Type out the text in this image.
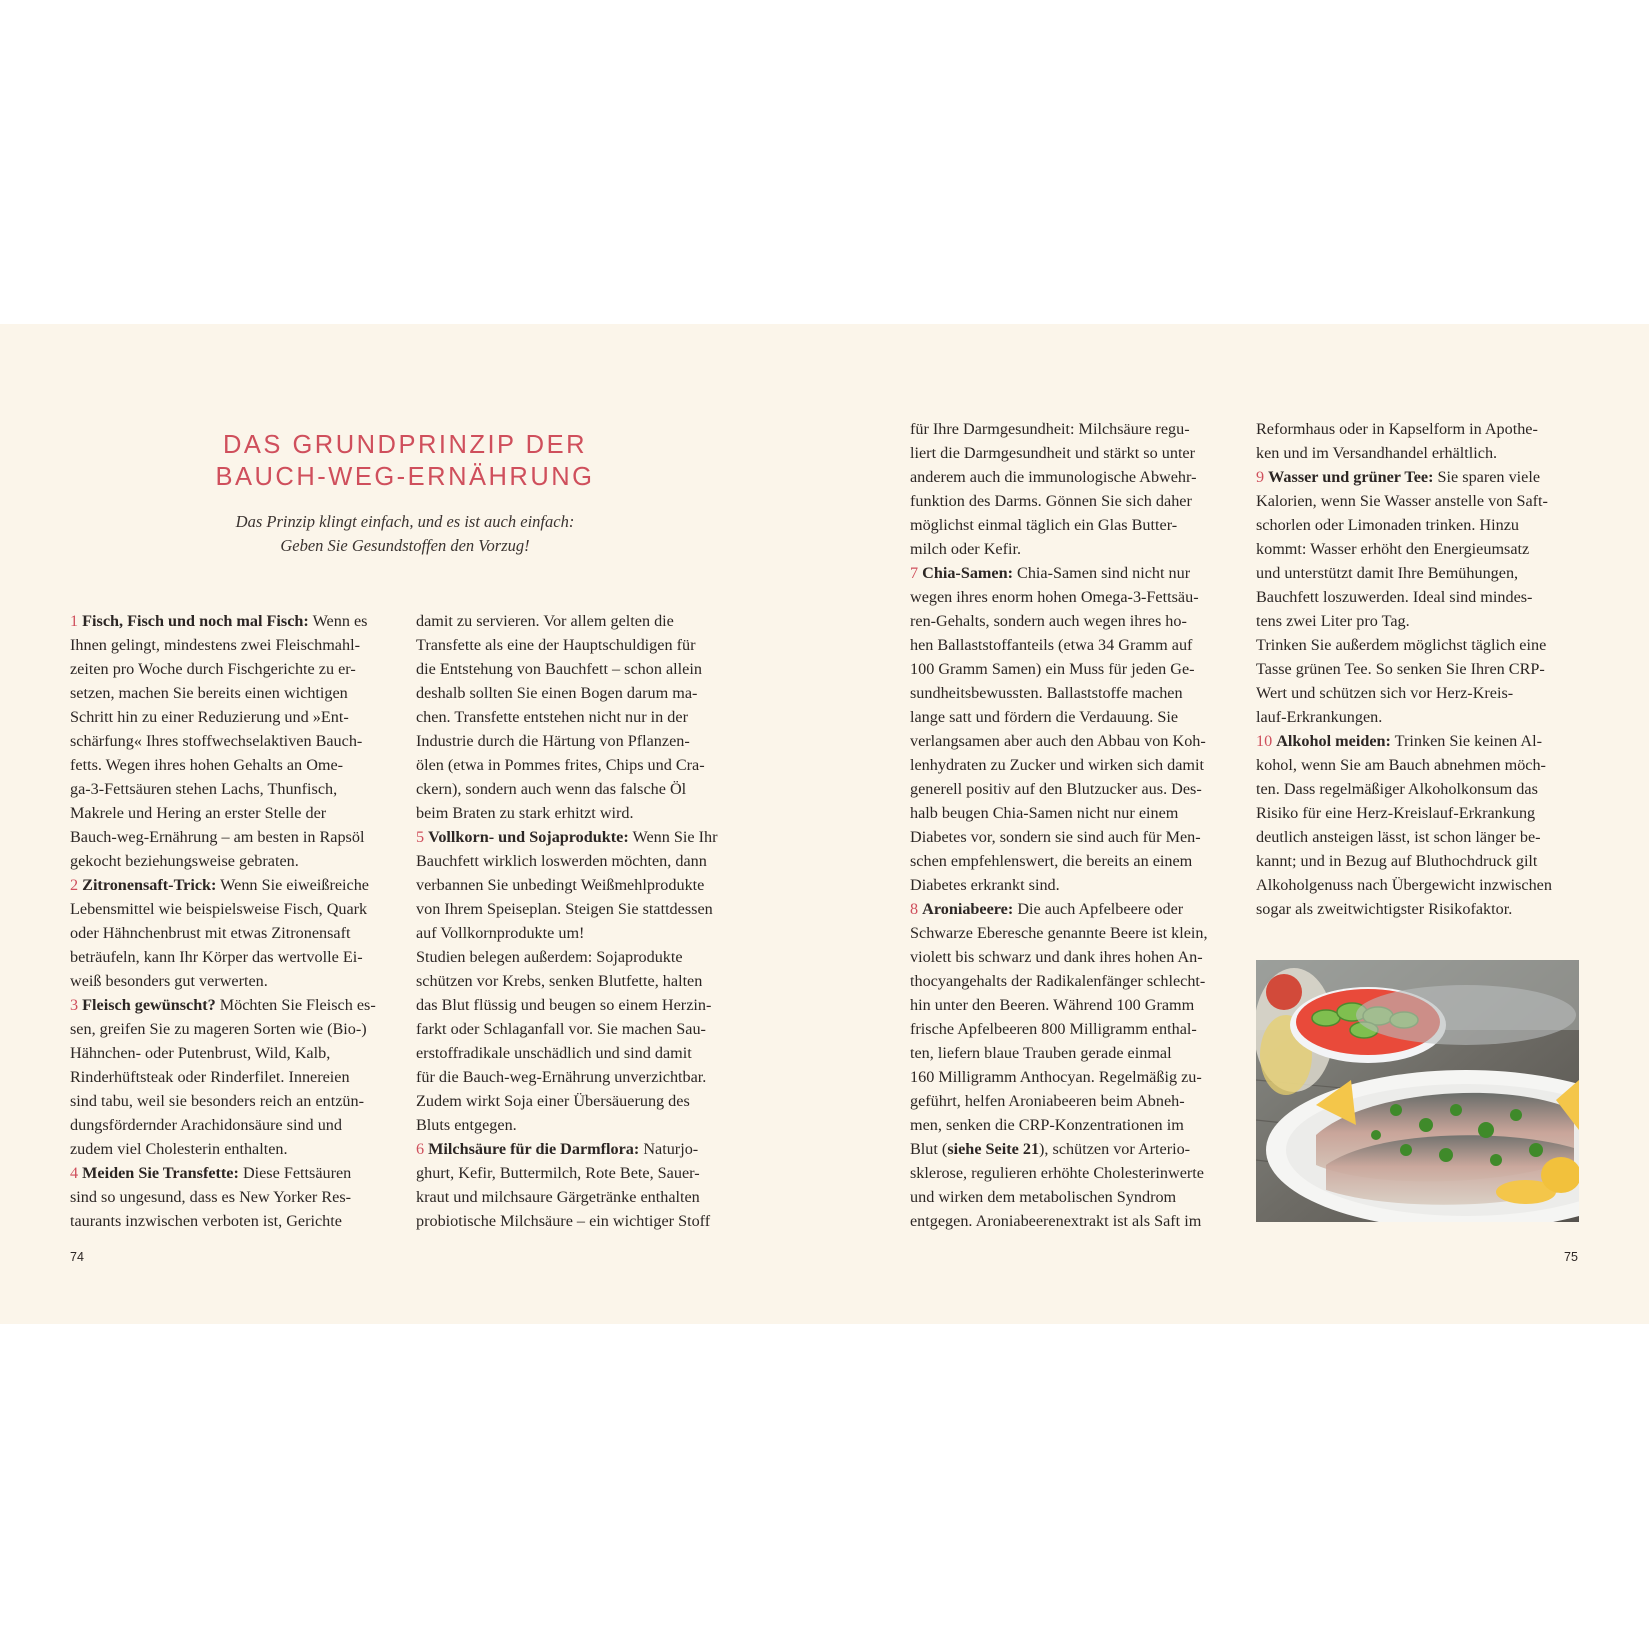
DAS GRUNDPRINZIP DER
BAUCH-WEG-ERNÄHRUNG
Das Prinzip klingt einfach, und es ist auch einfach:
Geben Sie Gesundstoffen den Vorzug!
1 Fisch, Fisch und noch mal Fisch: Wenn es
Ihnen gelingt, mindestens zwei Fleischmahl-
zeiten pro Woche durch Fischgerichte zu er-
setzen, machen Sie bereits einen wichtigen
Schritt hin zu einer Reduzierung und »Ent-
schärfung« Ihres stoffwechselaktiven Bauch-
fetts. Wegen ihres hohen Gehalts an Ome-
ga-3-Fettsäuren stehen Lachs, Thunfisch,
Makrele und Hering an erster Stelle der
Bauch-weg-Ernährung – am besten in Rapsöl
gekocht beziehungsweise gebraten.
2 Zitronensaft-Trick: Wenn Sie eiweißreiche
Lebensmittel wie beispielsweise Fisch, Quark
oder Hähnchenbrust mit etwas Zitronensaft
beträufeln, kann Ihr Körper das wertvolle Ei-
weiß besonders gut verwerten.
3 Fleisch gewünscht? Möchten Sie Fleisch es-
sen, greifen Sie zu mageren Sorten wie (Bio-)
Hähnchen- oder Putenbrust, Wild, Kalb,
Rinderhüftsteak oder Rinderfilet. Innereien
sind tabu, weil sie besonders reich an entzün-
dungsfördernder Arachidonsäure sind und
zudem viel Cholesterin enthalten.
4 Meiden Sie Transfette: Diese Fettsäuren
sind so ungesund, dass es New Yorker Res-
taurants inzwischen verboten ist, Gerichte
damit zu servieren. Vor allem gelten die
Transfette als eine der Hauptschuldigen für
die Entstehung von Bauchfett – schon allein
deshalb sollten Sie einen Bogen darum ma-
chen. Transfette entstehen nicht nur in der
Industrie durch die Härtung von Pflanzen-
ölen (etwa in Pommes frites, Chips und Cra-
ckern), sondern auch wenn das falsche Öl
beim Braten zu stark erhitzt wird.
5 Vollkorn- und Sojaprodukte: Wenn Sie Ihr
Bauchfett wirklich loswerden möchten, dann
verbannen Sie unbedingt Weißmehlprodukte
von Ihrem Speiseplan. Steigen Sie stattdessen
auf Vollkornprodukte um!
Studien belegen außerdem: Sojaprodukte
schützen vor Krebs, senken Blutfette, halten
das Blut flüssig und beugen so einem Herzin-
farkt oder Schlaganfall vor. Sie machen Sau-
erstoffradikale unschädlich und sind damit
für die Bauch-weg-Ernährung unverzichtbar.
Zudem wirkt Soja einer Übersäuerung des
Bluts entgegen.
6 Milchsäure für die Darmflora: Naturjo-
ghurt, Kefir, Buttermilch, Rote Bete, Sauer-
kraut und milchsaure Gärgetränke enthalten
probiotische Milchsäure – ein wichtiger Stoff
für Ihre Darmgesundheit: Milchsäure regu-
liert die Darmgesundheit und stärkt so unter
anderem auch die immunologische Abwehr-
funktion des Darms. Gönnen Sie sich daher
möglichst einmal täglich ein Glas Butter-
milch oder Kefir.
7 Chia-Samen: Chia-Samen sind nicht nur
wegen ihres enorm hohen Omega-3-Fettsäu-
ren-Gehalts, sondern auch wegen ihres ho-
hen Ballaststoffanteils (etwa 34 Gramm auf
100 Gramm Samen) ein Muss für jeden Ge-
sundheitsbewussten. Ballaststoffe machen
lange satt und fördern die Verdauung. Sie
verlangsamen aber auch den Abbau von Koh-
lenhydraten zu Zucker und wirken sich damit
generell positiv auf den Blutzucker aus. Des-
halb beugen Chia-Samen nicht nur einem
Diabetes vor, sondern sie sind auch für Men-
schen empfehlenswert, die bereits an einem
Diabetes erkrankt sind.
8 Aroniabeere: Die auch Apfelbeere oder
Schwarze Eberesche genannte Beere ist klein,
violett bis schwarz und dank ihres hohen An-
thocyangehalts der Radikalenfänger schlecht-
hin unter den Beeren. Während 100 Gramm
frische Apfelbeeren 800 Milligramm enthal-
ten, liefern blaue Trauben gerade einmal
160 Milligramm Anthocyan. Regelmäßig zu-
geführt, helfen Aroniabeeren beim Abneh-
men, senken die CRP-Konzentrationen im
Blut (siehe Seite 21), schützen vor Arterio-
sklerose, regulieren erhöhte Cholesterinwerte
und wirken dem metabolischen Syndrom
entgegen. Aroniabeerenextrakt ist als Saft im
Reformhaus oder in Kapselform in Apothe-
ken und im Versandhandel erhältlich.
9 Wasser und grüner Tee: Sie sparen viele
Kalorien, wenn Sie Wasser anstelle von Saft-
schorlen oder Limonaden trinken. Hinzu
kommt: Wasser erhöht den Energieumsatz
und unterstützt damit Ihre Bemühungen,
Bauchfett loszuwerden. Ideal sind mindes-
tens zwei Liter pro Tag.
Trinken Sie außerdem möglichst täglich eine
Tasse grünen Tee. So senken Sie Ihren CRP-
Wert und schützen sich vor Herz-Kreis-
lauf-Erkrankungen.
10 Alkohol meiden: Trinken Sie keinen Al-
kohol, wenn Sie am Bauch abnehmen möch-
ten. Dass regelmäßiger Alkoholkonsum das
Risiko für eine Herz-Kreislauf-Erkrankung
deutlich ansteigen lässt, ist schon länger be-
kannt; und in Bezug auf Bluthochdruck gilt
Alkoholgenuss nach Übergewicht inzwischen
sogar als zweitwichtigster Risikofaktor.
74	75
